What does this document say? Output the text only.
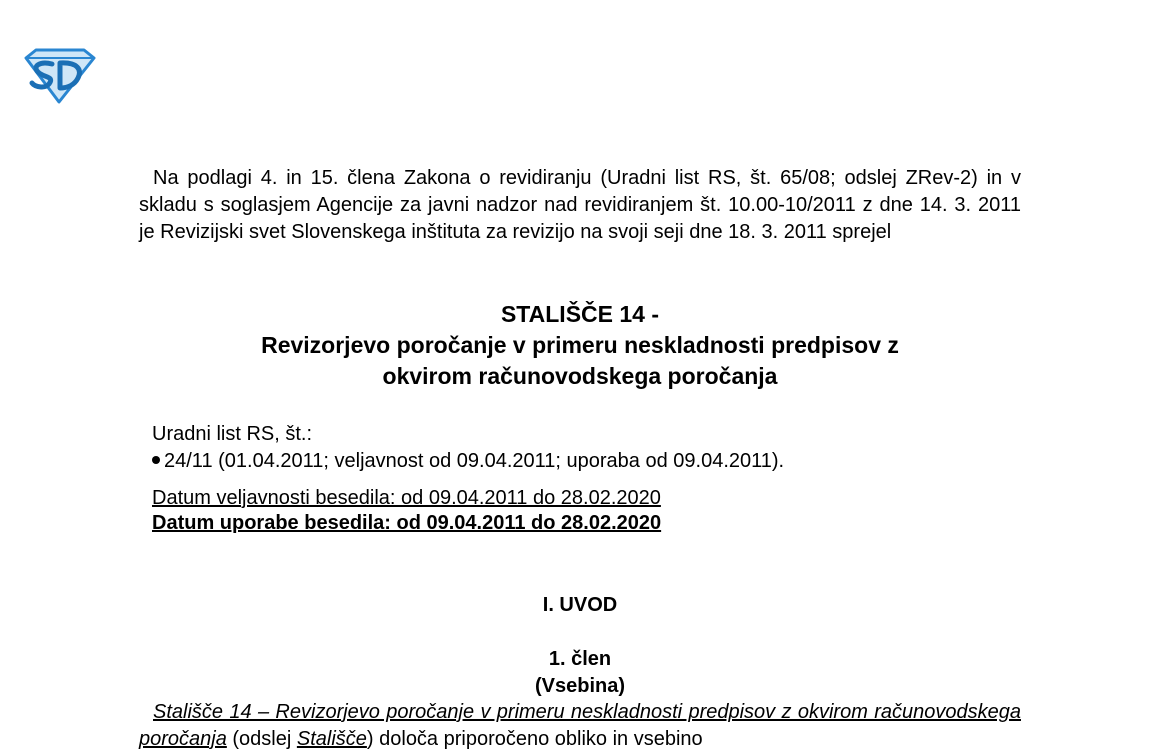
Na podlagi 4. in 15. člena Zakona o revidiranju (Uradni list RS, št. 65/08; odslej ZRev-2) in v skladu s soglasjem Agencije za javni nadzor nad revidiranjem št. 10.00-10/2011 z dne 14. 3. 2011 je Revizijski svet Slovenskega inštituta za revizijo na svoji seji dne 18. 3. 2011 sprejel

STALIŠČE 14 -
Revizorjevo poročanje v primeru neskladnosti predpisov z
okvirom računovodskega poročanja

Uradni list RS, št.:

24/11 (01.04.2011; veljavnost od 09.04.2011; uporaba od 09.04.2011).

Datum veljavnosti besedila: od 09.04.2011 do 28.02.2020
Datum uporabe besedila: od 09.04.2011 do 28.02.2020

I. UVOD

1. člen
(Vsebina)

Stališče 14 – Revizorjevo poročanje v primeru neskladnosti predpisov z okvirom računovodskega poročanja (odslej Stališče) določa priporočeno obliko in vsebino
